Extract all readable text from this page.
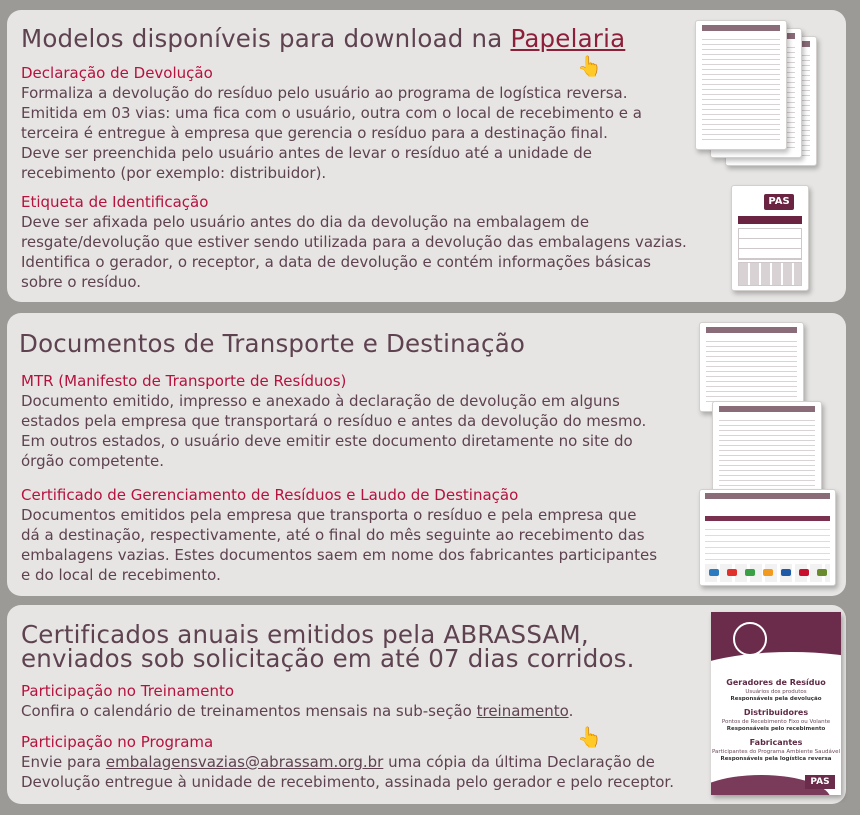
Modelos disponíveis para download na Papelaria
👆
Declaração de Devolução
Formaliza a devolução do resíduo pelo usuário ao programa de logística reversa.
Emitida em 03 vias: uma fica com o usuário, outra com o local de recebimento e a
terceira é entregue à empresa que gerencia o resíduo para a destinação final.
Deve ser preenchida pelo usuário antes de levar o resíduo até a unidade de
recebimento (por exemplo: distribuidor).
Etiqueta de Identificação
Deve ser afixada pelo usuário antes do dia da devolução na embalagem de
resgate/devolução que estiver sendo utilizada para a devolução das embalagens vazias.
Identifica o gerador, o receptor, a data de devolução e contém informações básicas
sobre o resíduo.
PAS
Documentos de Transporte e Destinação
MTR (Manifesto de Transporte de Resíduos)
Documento emitido, impresso e anexado à declaração de devolução em alguns
estados pela empresa que transportará o resíduo e antes da devolução do mesmo.
Em outros estados, o usuário deve emitir este documento diretamente no site do
órgão competente.
Certificado de Gerenciamento de Resíduos e Laudo de Destinação
Documentos emitidos pela empresa que transporta o resíduo e pela empresa que
dá a destinação, respectivamente, até o final do mês seguinte ao recebimento das
embalagens vazias. Estes documentos saem em nome dos fabricantes participantes
e do local de recebimento.
Certificados anuais emitidos pela ABRASSAM,
enviados sob solicitação em até 07 dias corridos.
Participação no Treinamento
Confira o calendário de treinamentos mensais na sub-seção treinamento.
👆
Participação no Programa
Envie para embalagensvazias@abrassam.org.br uma cópia da última Declaração de
Devolução entregue à unidade de recebimento, assinada pelo gerador e pelo receptor.
Geradores de Resíduo
Usuários dos produtos
Responsáveis pela devolução
Distribuidores
Pontos de Recebimento Fixo ou Volante
Responsáveis pelo recebimento
Fabricantes
Participantes do Programa Ambiente Saudável
Responsáveis pela logística reversa
PAS
